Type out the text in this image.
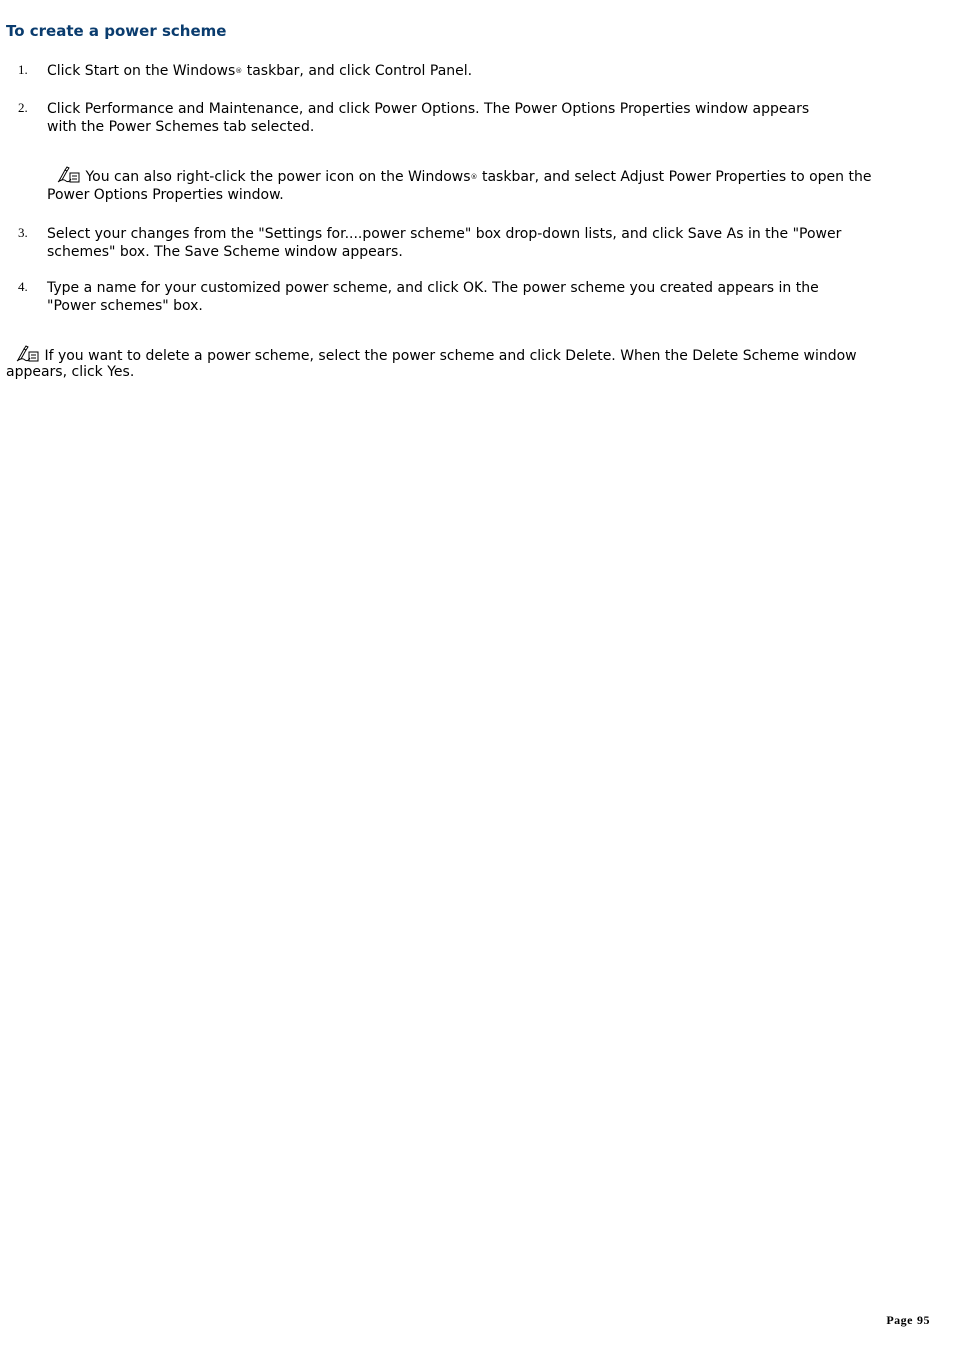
To create a power scheme
1. Click Start on the Windows® taskbar, and click Control Panel.
2. Click Performance and Maintenance, and click Power Options. The Power Options Properties window appears
with the Power Schemes tab selected.
You can also right-click the power icon on the Windows® taskbar, and select Adjust Power Properties to open the
Power Options Properties window.
3. Select your changes from the "Settings for....power scheme" box drop-down lists, and click Save As in the "Power
schemes" box. The Save Scheme window appears.
4. Type a name for your customized power scheme, and click OK. The power scheme you created appears in the
"Power schemes" box.
If you want to delete a power scheme, select the power scheme and click Delete. When the Delete Scheme window
appears, click Yes.
Page 95
